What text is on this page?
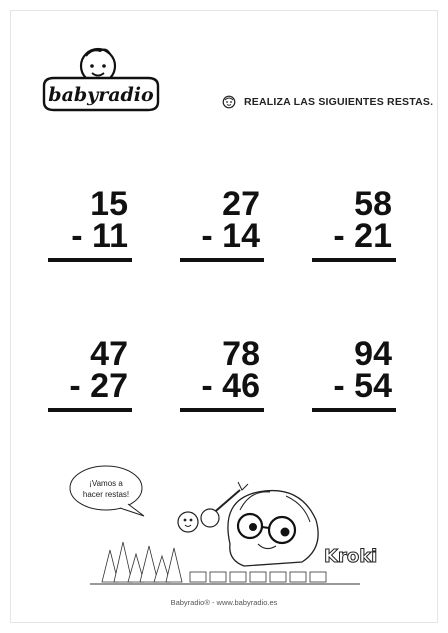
babyradio	REALIZA LAS SIGUIENTES RESTAS.
15
- 11
27
- 14
58
- 21
47
- 27
78
- 46
94
- 54
¡Vamos a
hacer restas!
Kroki
Babyradio® - www.babyradio.es
